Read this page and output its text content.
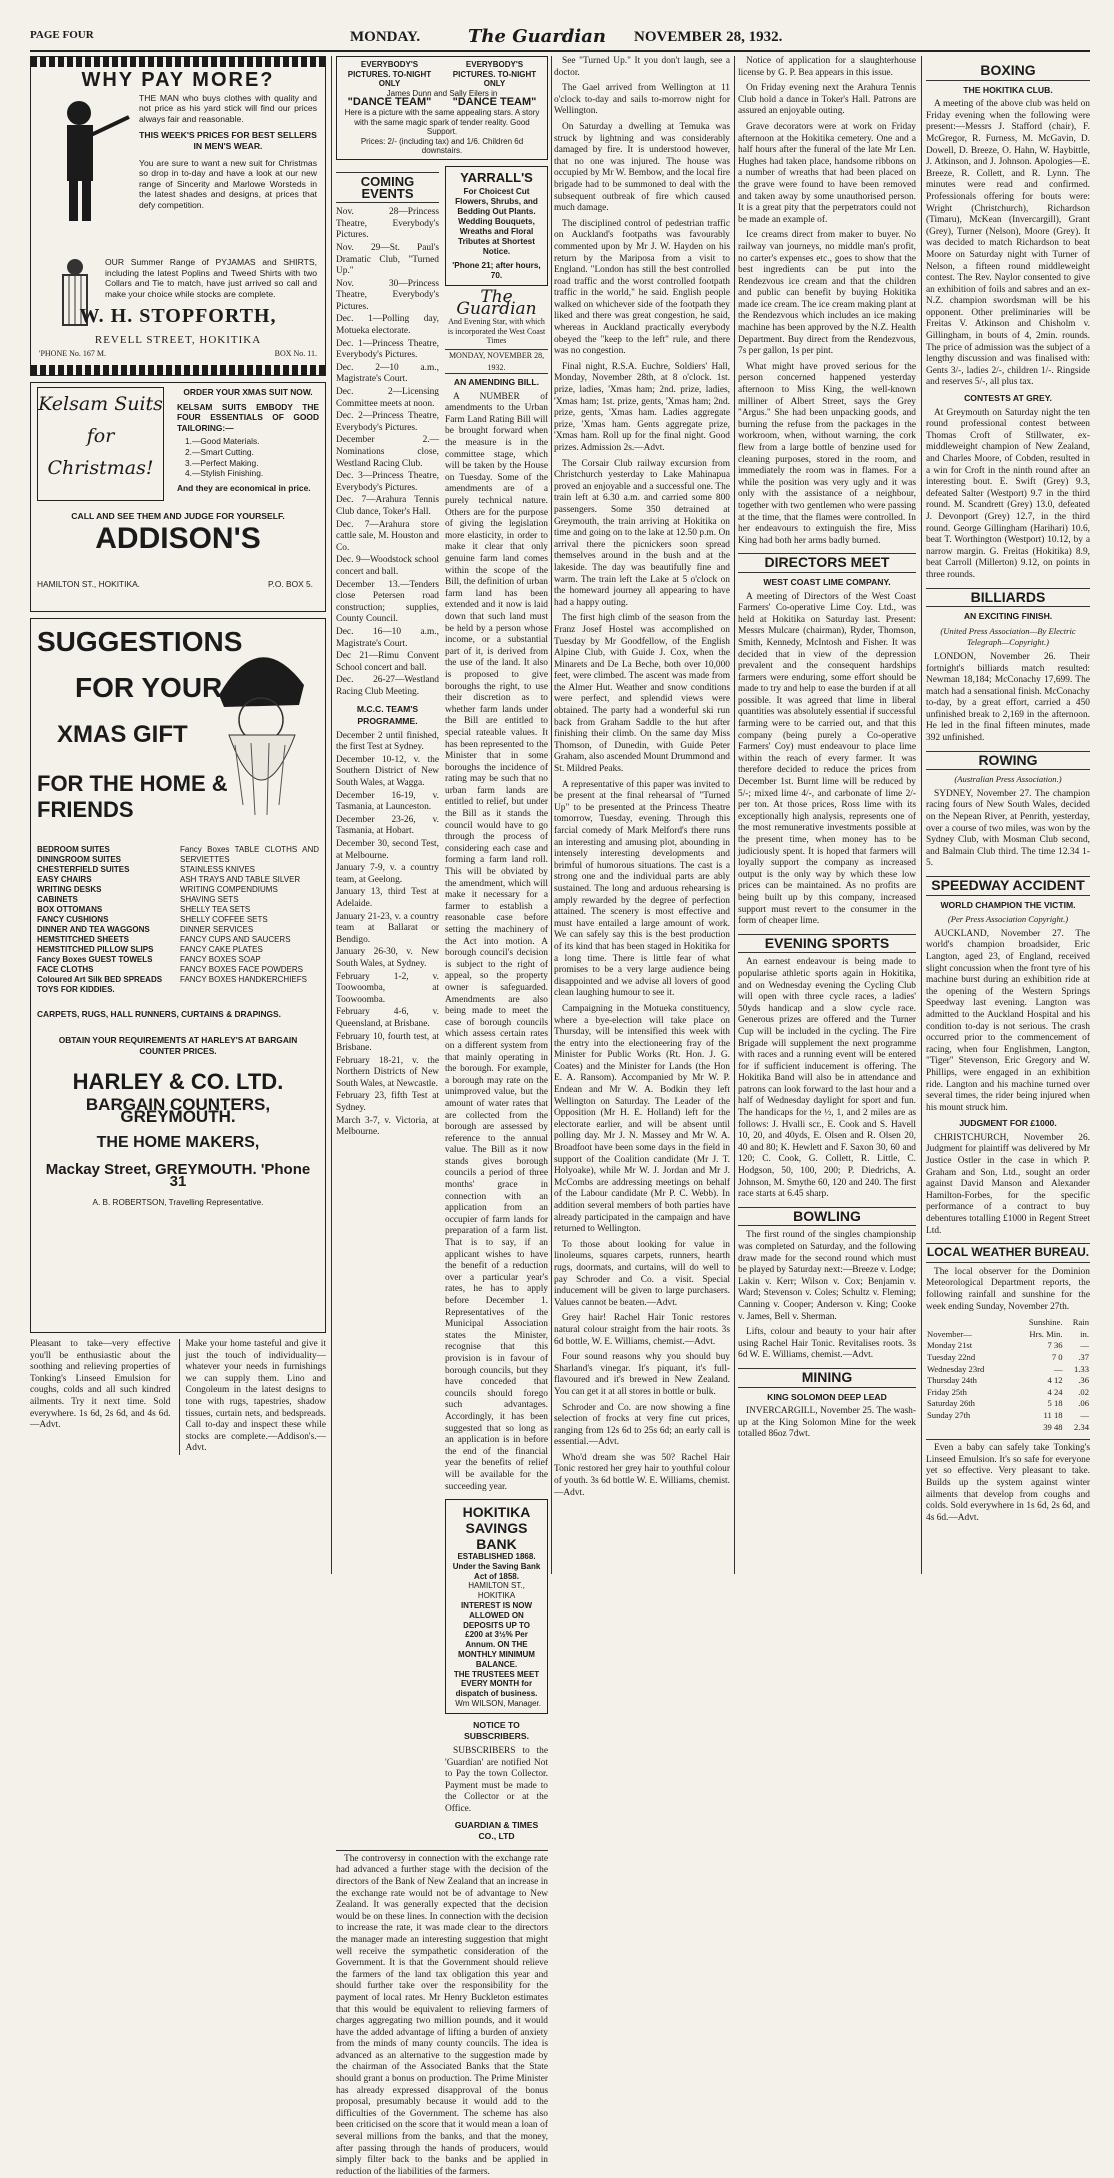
PAGE FOUR	MONDAY.	The Guardian NOVEMBER 28, 1932.
WHY PAY MORE?
THE MAN who buys clothes with quality and not price as his yard stick will find our prices always fair and reasonable.
THIS WEEK'S PRICES FOR BEST SELLERS IN MEN'S WEAR.
You are sure to want a new suit for Christmas so drop in to-day and have a look at our new range of Sincerity and Marlowe Worsteds in the latest shades and designs, at prices that defy competition.
OUR Summer Range of PYJAMAS and SHIRTS, including the latest Poplins and Tweed Shirts with two Collars and Tie to match, have just arrived so call and make your choice while stocks are complete.
W. H. STOPFORTH,
REVELL STREET, HOKITIKA
'PHONE No. 167 M.	BOX No. 11.
Kelsam Suits
for
Christmas!
ORDER YOUR XMAS SUIT NOW.
KELSAM SUITS EMBODY THE FOUR ESSENTIALS OF GOOD TAILORING:—
1.—Good Materials.
2.—Smart Cutting.
3.—Perfect Making.
4.—Stylish Finishing.
And they are economical in price.
CALL AND SEE THEM AND JUDGE FOR YOURSELF.
ADDISON'S
HAMILTON ST., HOKITIKA.	P.O. BOX 5.
SUGGESTIONS
FOR YOUR
XMAS GIFT
FOR THE HOME & FRIENDS
BEDROOM SUITES
DININGROOM SUITES
CHESTERFIELD SUITES
EASY CHAIRS
WRITING DESKS
CABINETS
BOX OTTOMANS
FANCY CUSHIONS
DINNER AND TEA WAGGONS
HEMSTITCHED SHEETS
HEMSTITCHED PILLOW SLIPS
Fancy Boxes GUEST TOWELS
FACE CLOTHS
Coloured Art Silk BED SPREADS
TOYS FOR KIDDIES.
Fancy Boxes TABLE CLOTHS AND SERVIETTES
STAINLESS KNIVES
ASH TRAYS AND TABLE SILVER
WRITING COMPENDIUMS
SHAVING SETS
SHELLY TEA SETS
SHELLY COFFEE SETS
DINNER SERVICES
FANCY CUPS AND SAUCERS
FANCY CAKE PLATES
FANCY BOXES SOAP
FANCY BOXES FACE POWDERS
FANCY BOXES HANDKERCHIEFS
CARPETS, RUGS, HALL RUNNERS, CURTAINS & DRAPINGS.
OBTAIN YOUR REQUIREMENTS AT HARLEY'S AT BARGAIN COUNTER PRICES.
HARLEY & CO. LTD.
BARGAIN COUNTERS, GREYMOUTH.
THE HOME MAKERS,
Mackay Street, GREYMOUTH. 'Phone 31
A. B. ROBERTSON, Travelling Representative.
Pleasant to take—very effective you'll be enthusiastic about the soothing and relieving properties of Tonking's Linseed Emulsion for coughs, colds and all such kindred ailments. Try it next time. Sold everywhere. 1s 6d, 2s 6d, and 4s 6d. —Advt.
Make your home tasteful and give it just the touch of individuality—whatever your needs in furnishings we can supply them. Lino and Congoleum in the latest designs to tone with rugs, tapestries, shadow tissues, curtain nets, and bedspreads. Call to-day and inspect these while stocks are complete.—Addison's.—Advt.
EVERYBODY'S PICTURES. TO-NIGHT ONLY
EVERYBODY'S PICTURES. TO-NIGHT ONLY
James Dunn and Sally Eilers in
"DANCE TEAM"	"DANCE TEAM"
Here is a picture with the same appealing stars. A story with the same magic spark of tender reality. Good Support.
Prices: 2/- (including tax) and 1/6. Children 6d downstairs.
COMING EVENTS
Nov. 28—Princess Theatre, Everybody's Pictures.
Nov. 29—St. Paul's Dramatic Club, "Turned Up."
Nov. 30—Princess Theatre, Everybody's Pictures.
Dec. 1—Polling day, Motueka electorate.
Dec. 1—Princess Theatre, Everybody's Pictures.
Dec. 2—10 a.m., Magistrate's Court.
Dec. 2—Licensing Committee meets at noon.
Dec. 2—Princess Theatre, Everybody's Pictures.
December 2.—Nominations close, Westland Racing Club.
Dec. 3—Princess Theatre, Everybody's Pictures.
Dec. 7—Arahura Tennis Club dance, Toker's Hall.
Dec. 7—Arahura store cattle sale, M. Houston and Co.
Dec. 9—Woodstock school concert and ball.
December 13.—Tenders close Petersen road construction; supplies, County Council.
Dec. 16—10 a.m., Magistrate's Court.
Dec 21—Rimu Convent School concert and ball.
Dec. 26-27—Westland Racing Club Meeting.
M.C.C. TEAM'S PROGRAMME.
December 2 until finished, the first Test at Sydney.
December 10-12, v. the Southern District of New South Wales, at Wagga.
December 16-19, v. Tasmania, at Launceston.
December 23-26, v. Tasmania, at Hobart.
December 30, second Test, at Melbourne.
January 7-9, v. a country team, at Geelong.
January 13, third Test at Adelaide.
January 21-23, v. a country team at Ballarat or Bendigo.
January 26-30, v. New South Wales, at Sydney.
February 1-2, v. Toowoomba, at Toowoomba.
February 4-6, v. Queensland, at Brisbane.
February 10, fourth test, at Brisbane.
February 18-21, v. the Northern Districts of New South Wales, at Newcastle.
February 23, fifth Test at Sydney.
March 3-7, v. Victoria, at Melbourne.
YARRALL'S
For Choicest Cut Flowers, Shrubs, and Bedding Out Plants. Wedding Bouquets, Wreaths and Floral Tributes at Shortest Notice.
'Phone 21; after hours, 70.
The Guardian
And Evening Star, with which is incorporated the West Coast Times
MONDAY, NOVEMBER 28, 1932.
AN AMENDING BILL.

A NUMBER of amendments to the Urban Farm Land Rating Bill will be brought forward when the measure is in the committee stage, which will be taken by the House on Tuesday. Some of the amendments are of a purely technical nature. Others are for the purpose of giving the legislation more elasticity, in order to make it clear that only genuine farm land comes within the scope of the Bill, the definition of urban farm land has been extended and it now is laid down that such land must be held by a person whose income, or a substantial part of it, is derived from the use of the land. It also is proposed to give boroughs the right, to use their discretion as to whether farm lands under the Bill are entitled to special rateable values. It has been represented to the Minister that in some boroughs the incidence of rating may be such that no urban farm lands are entitled to relief, but under the Bill as it stands the council would have to go through the process of considering each case and forming a farm land roll. This will be obviated by the amendment, which will make it necessary for a farmer to establish a reasonable case before setting the machinery of the Act into motion. A borough council's decision is subject to the right of appeal, so the property owner is safeguarded. Amendments are also being made to meet the case of borough councils which assess certain rates on a different system from that mainly operating in the borough. For example, a borough may rate on the unimproved value, but the amount of water rates that are collected from the borough are assessed by reference to the annual value. The Bill as it now stands gives borough councils a period of three months' grace in connection with an application from an occupier of farm lands for preparation of a farm list. That is to say, if an applicant wishes to have the benefit of a reduction over a particular year's rates, he has to apply before December 1. Representatives of the Municipal Association states the Minister, recognise that this provision is in favour of borough councils, but they have conceded that councils should forego such advantages. Accordingly, it has been suggested that so long as an application is in before the end of the financial year the benefits of relief will be available for the succeeding year.

HOKITIKA SAVINGS BANK
ESTABLISHED 1868.
Under the Saving Bank Act of 1858.
HAMILTON ST., HOKITIKA
INTEREST IS NOW ALLOWED ON DEPOSITS UP TO
£200 at 3½% Per Annum. ON THE MONTHLY MINIMUM BALANCE.
THE TRUSTEES MEET EVERY MONTH for dispatch of business.
Wm WILSON, Manager.
NOTICE TO SUBSCRIBERS.

SUBSCRIBERS to the 'Guardian' are notified Not to Pay the town Collector. Payment must be made to the Collector or at the Office.

GUARDIAN & TIMES CO., LTD

The controversy in connection with the exchange rate had advanced a further stage with the decision of the directors of the Bank of New Zealand that an increase in the exchange rate would not be of advantage to New Zealand. It was generally expected that the decision would be on these lines. In connection with the decision to increase the rate, it was made clear to the directors the manager made an interesting suggestion that might well receive the sympathetic consideration of the Government. It is that the Government should relieve the farmers of the land tax obligation this year and should further take over the responsibility for the payment of local rates. Mr Henry Buckleton estimates that this would be equivalent to relieving farmers of charges aggregating two million pounds, and it would have the added advantage of lifting a burden of anxiety from the minds of many county councils. The idea is advanced as an alternative to the suggestion made by the chairman of the Associated Banks that the State should grant a bonus on production. The Prime Minister has already expressed disapproval of the bonus proposal, presumably because it would add to the difficulties of the Government. The scheme has also been criticised on the score that it would mean a loan of several millions from the banks, and that the money, after passing through the hands of producers, would simply filter back to the banks and be applied in reduction of the liabilities of the farmers.

See "Turned Up." It you don't laugh, see a doctor.

The Gael arrived from Wellington at 11 o'clock to-day and sails to-morrow night for Wellington.

On Saturday a dwelling at Temuka was struck by lightning and was considerably damaged by fire. It is understood however, that no one was injured. The house was occupied by Mr W. Bembow, and the local fire brigade had to be summoned to deal with the subsequent outbreak of fire which caused much damage.

The disciplined control of pedestrian traffic on Auckland's footpaths was favourably commented upon by Mr J. W. Hayden on his return by the Mariposa from a visit to England. "London has still the best controlled road traffic and the worst controlled footpath traffic in the world," he said. English people walked on whichever side of the footpath they liked and there was great congestion, he said, whereas in Auckland practically everybody obeyed the "keep to the left" rule, and there was no congestion.

Final night, R.S.A. Euchre, Soldiers' Hall, Monday, November 28th, at 8 o'clock. 1st. prize, ladies, 'Xmas ham; 2nd. prize, ladies, 'Xmas ham; 1st. prize, gents, 'Xmas ham; 2nd. prize, gents, 'Xmas ham. Ladies aggregate prize, 'Xmas ham. Gents aggregate prize, 'Xmas ham. Roll up for the final night. Good prizes. Admission 2s.—Advt.

The Corsair Club railway excursion from Christchurch yesterday to Lake Mahinapua proved an enjoyable and a successful one. The train left at 6.30 a.m. and carried some 800 passengers. Some 350 detrained at Greymouth, the train arriving at Hokitika on time and going on to the lake at 12.50 p.m. On arrival there the picnickers soon spread themselves around in the bush and at the lakeside. The day was beautifully fine and warm. The train left the Lake at 5 o'clock on the homeward journey all appearing to have had a happy outing.

The first high climb of the season from the Franz Josef Hostel was accomplished on Tuesday by Mr Goodfellow, of the English Alpine Club, with Guide J. Cox, when the Minarets and De La Beche, both over 10,000 feet, were climbed. The ascent was made from the Almer Hut. Weather and snow conditions were perfect, and splendid views were obtained. The party had a wonderful ski run back from Graham Saddle to the hut after finishing their climb. On the same day Miss Thomson, of Dunedin, with Guide Peter Graham, also ascended Mount Drummond and St. Mildred Peaks.

A representative of this paper was invited to be present at the final rehearsal of "Turned Up" to be presented at the Princess Theatre tomorrow, Tuesday, evening. Through this farcial comedy of Mark Melford's there runs an interesting and amusing plot, abounding in intensely interesting developments and brimful of humorous situations. The cast is a strong one and the individual parts are ably sustained. The long and arduous rehearsing is amply rewarded by the degree of perfection attained. The scenery is most effective and must have entailed a large amount of work. We can safely say this is the best production of its kind that has been staged in Hokitika for a long time. There is little fear of what promises to be a very large audience being disappointed and we advise all lovers of good clean laughing humour to see it.

Campaigning in the Motueka constituency, where a bye-election will take place on Thursday, will be intensified this week with the entry into the electioneering fray of the Minister for Public Works (Rt. Hon. J. G. Coates) and the Minister for Lands (the Hon E. A. Ransom). Accompanied by Mr W. P. Endean and Mr W. A. Bodkin they left Wellington on Saturday. The Leader of the Opposition (Mr H. E. Holland) left for the electorate earlier, and will be absent until polling day. Mr J. N. Massey and Mr W. A. Broadfoot have been some days in the field in support of the Coalition candidate (Mr J. T. Holyoake), while Mr W. J. Jordan and Mr J. McCombs are addressing meetings on behalf of the Labour candidate (Mr P. C. Webb). In addition several members of both parties have already participated in the campaign and have returned to Wellington.

To those about looking for value in linoleums, squares carpets, runners, hearth rugs, doormats, and curtains, will do well to pay Schroder and Co. a visit. Special inducement will be given to large purchasers. Values cannot be beaten.—Advt.

Grey hair! Rachel Hair Tonic restores natural colour straight from the hair roots. 3s 6d bottle, W. E. Williams, chemist.—Advt.

Four sound reasons why you should buy Sharland's vinegar. It's piquant, it's full-flavoured and it's brewed in New Zealand. You can get it at all stores in bottle or bulk.

Schroder and Co. are now showing a fine selection of frocks at very fine cut prices, ranging from 12s 6d to 25s 6d; an early call is essential.—Advt.

Who'd dream she was 50? Rachel Hair Tonic restored her grey hair to youthful colour of youth. 3s 6d bottle W. E. Williams, chemist.—Advt.

Notice of application for a slaughterhouse license by G. P. Bea appears in this issue.

On Friday evening next the Arahura Tennis Club hold a dance in Toker's Hall. Patrons are assured an enjoyable outing.

Grave decorators were at work on Friday afternoon at the Hokitika cemetery. One and a half hours after the funeral of the late Mr Len. Hughes had taken place, handsome ribbons on a number of wreaths that had been placed on the grave were found to have been removed and taken away by some unauthorised person. It is a great pity that the perpetrators could not be made an example of.

Ice creams direct from maker to buyer. No railway van journeys, no middle man's profit, no carter's expenses etc., goes to show that the best ingredients can be put into the Rendezvous ice cream and that the children and public can benefit by buying Hokitika made ice cream. The ice cream making plant at the Rendezvous which includes an ice making machine has been approved by the N.Z. Health Department. Buy direct from the Rendezvous, 7s per gallon, 1s per pint.

What might have proved serious for the person concerned happened yesterday afternoon to Miss King, the well-known milliner of Albert Street, says the Grey "Argus." She had been unpacking goods, and burning the refuse from the packages in the workroom, when, without warning, the cork flew from a large bottle of benzine used for cleaning purposes, stored in the room, and immediately the room was in flames. For a while the position was very ugly and it was only with the assistance of a neighbour, together with two gentlemen who were passing at the time, that the flames were controlled. In her endeavours to extinguish the fire, Miss King had both her arms badly burned.

DIRECTORS MEET
WEST COAST LIME COMPANY.

A meeting of Directors of the West Coast Farmers' Co-operative Lime Coy. Ltd., was held at Hokitika on Saturday last. Present: Messrs Mulcare (chairman), Ryder, Thomson, Smith, Kennedy, McIntosh and Fisher. It was decided that in view of the depression prevalent and the consequent hardships farmers were enduring, some effort should be made to try and help to ease the burden if at all possible. It was agreed that lime in liberal quantities was absolutely essential if successful farming were to be carried out, and that this company (being purely a Co-operative Farmers' Coy) must endeavour to place lime within the reach of every farmer. It was therefore decided to reduce the prices from December 1st. Burnt lime will be reduced by 5/-; mixed lime 4/-, and carbonate of lime 2/- per ton. At those prices, Ross lime with its exceptionally high analysis, represents one of the most remunerative investments possible at the present time, when money has to be judiciously spent. It is hoped that farmers will loyally support the company as increased output is the only way by which these low prices can be maintained. As no profits are being built up by this company, increased support must revert to the consumer in the form of cheaper lime.

EVENING SPORTS

An earnest endeavour is being made to popularise athletic sports again in Hokitika, and on Wednesday evening the Cycling Club will open with three cycle races, a ladies' 50yds handicap and a slow cycle race. Generous prizes are offered and the Turner Cup will be included in the cycling. The Fire Brigade will supplement the next programme with races and a running event will be entered for if sufficient inducement is offering. The Hokitika Band will also be in attendance and patrons can look forward to the last hour and a half of Wednesday daylight for sport and fun. The handicaps for the ½, 1, and 2 miles are as follows: J. Hvalli scr., E. Cook and S. Havell 10, 20, and 40yds, E. Olsen and R. Olsen 20, 40 and 80; K. Hewlett and F. Saxon 30, 60 and 120; C. Cook, G. Collett, R. Little, C. Hodgson, 50, 100, 200; P. Diedrichs, A. Johnson, M. Smythe 60, 120 and 240. The first race starts at 6.45 sharp.

BOWLING

The first round of the singles championship was completed on Saturday, and the following draw made for the second round which must be played by Saturday next:—Breeze v. Lodge; Lakin v. Kerr; Wilson v. Cox; Benjamin v. Ward; Stevenson v. Coles; Schultz v. Fleming; Canning v. Cooper; Anderson v. King; Cooke v. James, Bell v. Sherman.

Lifts, colour and beauty to your hair after using Rachel Hair Tonic. Revitalises roots. 3s 6d W. E. Williams, chemist.—Advt.

MINING
KING SOLOMON DEEP LEAD

INVERCARGILL, November 25. The wash-up at the King Solomon Mine for the week totalled 86oz 7dwt.

BOXING
THE HOKITIKA CLUB.

A meeting of the above club was held on Friday evening when the following were present:—Messrs J. Stafford (chair), F. McGregor, R. Furness, M. McGavin, D. Dowell, D. Breeze, O. Hahn, W. Haybittle, J. Atkinson, and J. Johnson. Apologies—E. Breeze, R. Collett, and R. Lynn. The minutes were read and confirmed. Professionals offering for bouts were: Wright (Christchurch), Richardson (Timaru), McKean (Invercargill), Grant (Grey), Turner (Nelson), Moore (Grey). It was decided to match Richardson to beat Moore on Saturday night with Turner of Nelson, a fifteen round middleweight contest. The Rev. Naylor consented to give an exhibition of foils and sabres and an ex-N.Z. champion swordsman will be his opponent. Other preliminaries will be Freitas V. Atkinson and Chisholm v. Gillingham, in bouts of 4, 2min. rounds. The price of admission was the subject of a lengthy discussion and was finalised with: Gents 3/-, ladies 2/-, children 1/-. Ringside and reserves 5/-, all plus tax.

CONTESTS AT GREY.

At Greymouth on Saturday night the ten round professional contest between Thomas Croft of Stillwater, ex-middleweight champion of New Zealand, and Charles Moore, of Cobden, resulted in a win for Croft in the ninth round after an interesting bout. E. Swift (Grey) 9.3, defeated Salter (Westport) 9.7 in the third round. M. Scandrett (Grey) 13.0, defeated J. Devonport (Grey) 12.7, in the third round. George Gillingham (Harihari) 10.6, beat T. Worthington (Westport) 10.12, by a narrow margin. G. Freitas (Hokitika) 8.9, beat Carroll (Millerton) 9.12, on points in three rounds.

BILLIARDS
AN EXCITING FINISH.
(United Press Association—By Electric Telegraph—Copyright.)

LONDON, November 26. Their fortnight's billiards match resulted: Newman 18,184; McConachy 17,699. The match had a sensational finish. McConachy to-day, by a great effort, carried a 450 unfinished break to 2,169 in the afternoon. He led in the final fifteen minutes, made 392 unfinished.

ROWING
(Australian Press Association.)

SYDNEY, November 27. The champion racing fours of New South Wales, decided on the Nepean River, at Penrith, yesterday, over a course of two miles, was won by the Sydney Club, with Mosman Club second, and Balmain Club third. The time 12.34 1-5.

SPEEDWAY ACCIDENT
WORLD CHAMPION THE VICTIM.
(Per Press Association Copyright.)

AUCKLAND, November 27. The world's champion broadsider, Eric Langton, aged 23, of England, received slight concussion when the front tyre of his machine burst during an exhibition ride at the opening of the Western Springs Speedway last evening. Langton was admitted to the Auckland Hospital and his condition to-day is not serious. The crash occurred prior to the commencement of racing, when four Englishmen, Langton, "Tiger" Stevenson, Eric Gregory and W. Phillips, were engaged in an exhibition ride. Langton and his machine turned over several times, the rider being injured when his mount struck him.

JUDGMENT FOR £1000.

CHRISTCHURCH, November 26. Judgment for plaintiff was delivered by Mr Justice Ostler in the case in which P. Graham and Son, Ltd., sought an order against David Manson and Alexander Hamilton-Forbes, for the specific performance of a contract to buy debentures totalling £1000 in Regent Street Ltd.

LOCAL WEATHER BUREAU.

The local observer for the Dominion Meteorological Department reports, the following rainfall and sunshine for the week ending Sunday, November 27th.

	Sunshine.	Rain
November—	Hrs. Min.	in.
Monday 21st	7 36	—
Tuesday 22nd	7 0	.37
Wednesday 23rd	—	1.33
Thursday 24th	4 12	.36
Friday 25th	4 24	.02
Saturday 26th	5 18	.06
Sunday 27th	11 18	—
	39 48	2.34

Even a baby can safely take Tonking's Linseed Emulsion. It's so safe for everyone yet so effective. Very pleasant to take. Builds up the system against winter ailments that develop from coughs and colds. Sold everywhere in 1s 6d, 2s 6d, and 4s 6d.—Advt.
